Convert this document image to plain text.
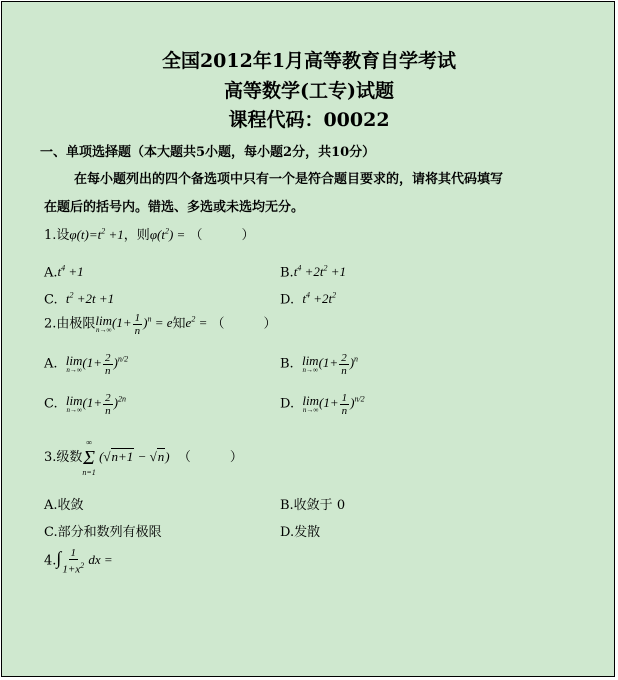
全国2012年1月高等教育自学考试
高等数学(工专)试题
课程代码：00022
一、单项选择题（本大题共5小题，每小题2分，共10分）
在每小题列出的四个备选项中只有一个是符合题目要求的，请将其代码填写
在题后的括号内。错选、多选或未选均无分。
1.设$\varphi(t)=t^2 +1$，则$\varphi(t^2)$ = （　　　）
$A.t^4 +1$	$B.t^4 +2t^2 +1$
C. $t^2 +2t +1$	D. $t^4 +2t^2$
2.由极限 lim
n→∞ $(1+ \frac{1}{n} )^n = e$知$e^2$ = （　　　）
A. lim
n→∞ $(1+ \frac{2}{n} )^{n/2}$	B. lim
n→∞ $(1+ \frac{2}{n} )^n$
C. lim
n→∞ $(1+ \frac{2}{n} )^{2n}$	D. lim
n→∞ $(1+ \frac{1}{n} )^{n/2}$
3.级数
∞
Σ
n=1
(√n+1 − √n) （　　　）
A.收敛	B.收敛于 0
C.部分和数列有极限	D.发散
$4.\int \frac{1}{1+x^2}$ dx =
